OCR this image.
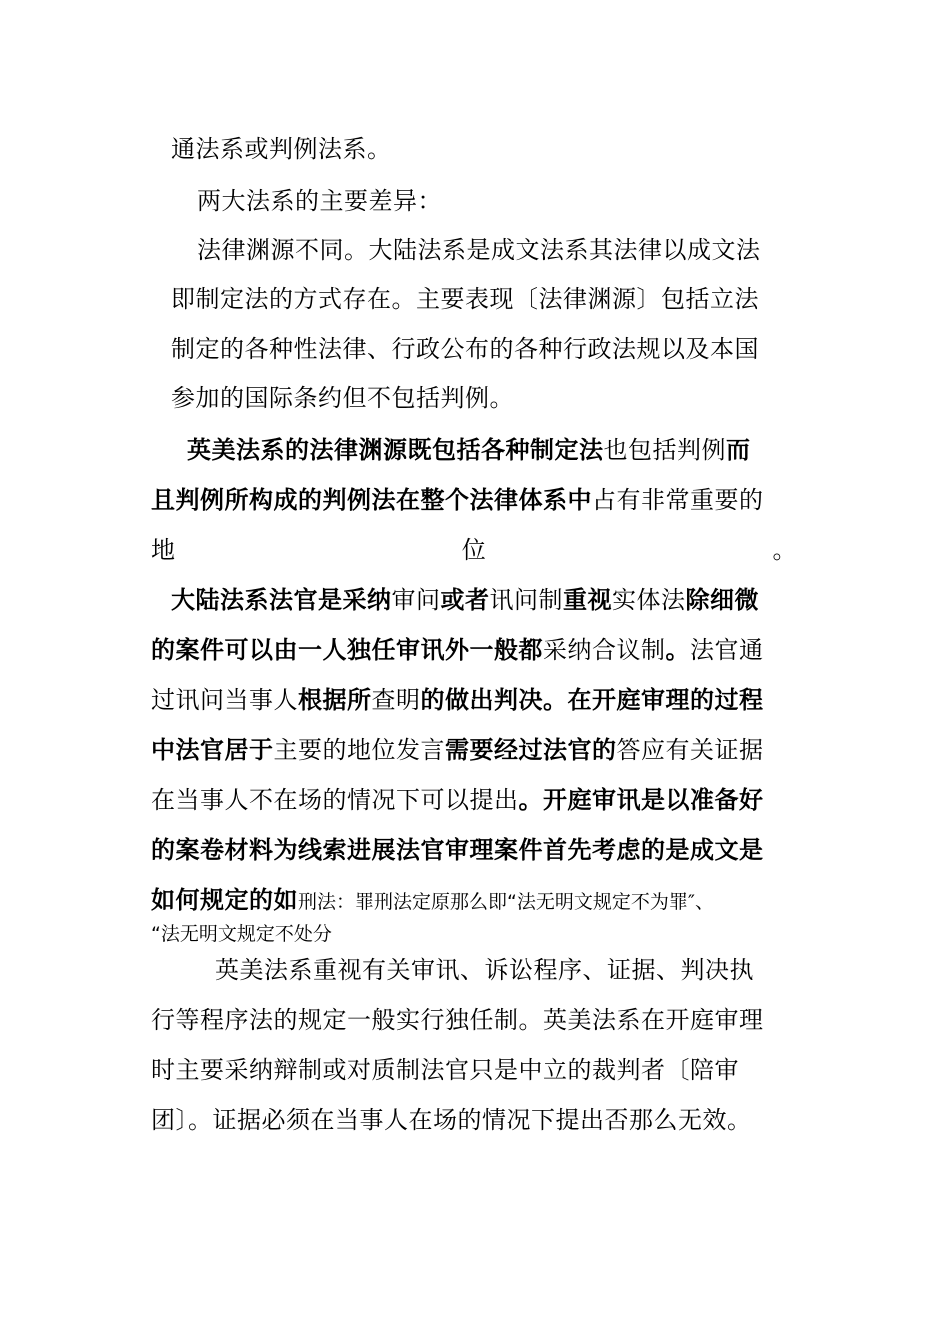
通法系或判例法系。
两大法系的主要差异：
法律渊源不同。大陆法系是成文法系其法律以成文法
即制定法的方式存在。主要表现〔法律渊源〕包括立法
制定的各种性法律、行政公布的各种行政法规以及本国
参加的国际条约但不包括判例。
英美法系的法律渊源既包括各种制定法也包括判例而
且判例所构成的判例法在整个法律体系中占有非常重要的
地	位	。
大陆法系法官是采纳审问或者讯问制重视实体法除细微
的案件可以由一人独任审讯外一般都采纳合议制。法官通
过讯问当事人根据所查明的做出判决。在开庭审理的过程
中法官居于主要的地位发言需要经过法官的答应有关证据
在当事人不在场的情况下可以提出。开庭审讯是以准备好
的案卷材料为线索进展法官审理案件首先考虑的是成文是
如何规定的如刑法：罪刑法定原那么即“法无明文规定不为罪″、
“法无明文规定不处分
英美法系重视有关审讯、诉讼程序、证据、判决执
行等程序法的规定一般实行独任制。英美法系在开庭审理
时主要采纳辩制或对质制法官只是中立的裁判者〔陪审
团〕。证据必须在当事人在场的情况下提出否那么无效。
